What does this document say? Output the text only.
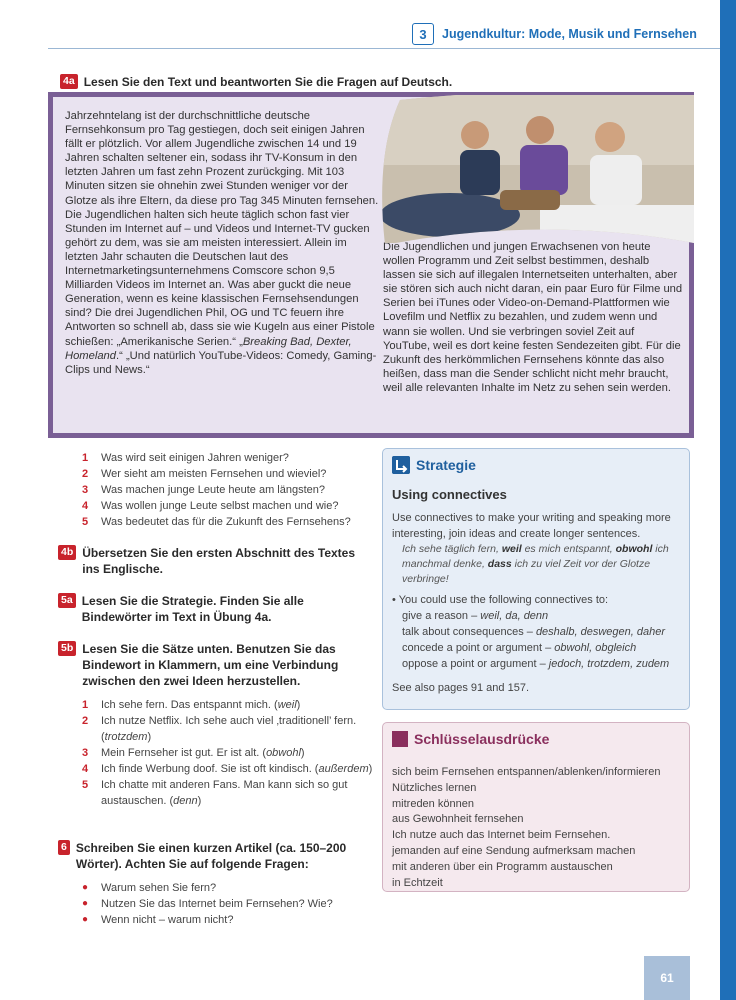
3	Jugendkultur: Mode, Musik und Fernsehen
4a Lesen Sie den Text und beantworten Sie die Fragen auf Deutsch.
Jahrzehntelang ist der durchschnittliche deutsche Fernsehkonsum pro Tag gestiegen, doch seit einigen Jahren fällt er plötzlich. Vor allem Jugendliche zwischen 14 und 19 Jahren schalten seltener ein, sodass ihr TV-Konsum in den letzten Jahren um fast zehn Prozent zurückging. Mit 103 Minuten sitzen sie ohnehin zwei Stunden weniger vor der Glotze als ihre Eltern, da diese pro Tag 345 Minuten fernsehen. Die Jugendlichen halten sich heute täglich schon fast vier Stunden im Internet auf – und Videos und Internet-TV gucken gehört zu dem, was sie am meisten interessiert. Allein im letzten Jahr schauten die Deutschen laut des Internetmarketingsunternehmens Comscore schon 9,5 Milliarden Videos im Internet an. Was aber guckt die neue Generation, wenn es keine klassischen Fernsehsendungen sind? Die drei Jugendlichen Phil, OG und TC feuern ihre Antworten so schnell ab, dass sie wie Kugeln aus einer Pistole schießen: „Amerikanische Serien.“ „Breaking Bad, Dexter, Homeland.“ „Und natürlich YouTube-Videos: Comedy, Gaming-Clips und News.“
Die Jugendlichen und jungen Erwachsenen von heute wollen Programm und Zeit selbst bestimmen, deshalb lassen sie sich auf illegalen Internetseiten unterhalten, aber sie stören sich auch nicht daran, ein paar Euro für Filme und Serien bei iTunes oder Video-on-Demand-Plattformen wie Lovefilm und Netflix zu bezahlen, und zudem wenn und wann sie wollen. Und sie verbringen soviel Zeit auf YouTube, weil es dort keine festen Sendezeiten gibt. Für die Zukunft des herkömmlichen Fernsehens könnte das also heißen, dass man die Sender schlicht nicht mehr braucht, weil alle relevanten Inhalte im Netz zu sehen sein werden.
1	Was wird seit einigen Jahren weniger?
2	Wer sieht am meisten Fernsehen und wieviel?
3	Was machen junge Leute heute am längsten?
4	Was wollen junge Leute selbst machen und wie?
5	Was bedeutet das für die Zukunft des Fernsehens?
4b Übersetzen Sie den ersten Abschnitt des Textes ins Englische.
5a Lesen Sie die Strategie. Finden Sie alle Bindewörter im Text in Übung 4a.
5b Lesen Sie die Sätze unten. Benutzen Sie das Bindewort in Klammern, um eine Verbindung zwischen den zwei Ideen herzustellen.
1	Ich sehe fern. Das entspannt mich. (weil)
2	Ich nutze Netflix. Ich sehe auch viel ‚traditionell’ fern. (trotzdem)
3	Mein Fernseher ist gut. Er ist alt. (obwohl)
4	Ich finde Werbung doof. Sie ist oft kindisch. (außerdem)
5	Ich chatte mit anderen Fans. Man kann sich so gut austauschen. (denn)
6 Schreiben Sie einen kurzen Artikel (ca. 150–200 Wörter). Achten Sie auf folgende Fragen:
●	Warum sehen Sie fern?
●	Nutzen Sie das Internet beim Fernsehen? Wie?
●	Wenn nicht – warum nicht?
Strategie
Using connectives
Use connectives to make your writing and speaking more interesting, join ideas and create longer sentences.
Ich sehe täglich fern, weil es mich entspannt, obwohl ich manchmal denke, dass ich zu viel Zeit vor der Glotze verbringe!
• You could use the following connectives to:
give a reason – weil, da, denn
talk about consequences – deshalb, deswegen, daher
concede a point or argument – obwohl, obgleich
oppose a point or argument – jedoch, trotzdem, zudem
See also pages 91 and 157.
Schlüsselausdrücke
sich beim Fernsehen entspannen/ablenken/informieren
Nützliches lernen
mitreden können
aus Gewohnheit fernsehen
Ich nutze auch das Internet beim Fernsehen.
jemanden auf eine Sendung aufmerksam machen
mit anderen über ein Programm austauschen
in Echtzeit
61
